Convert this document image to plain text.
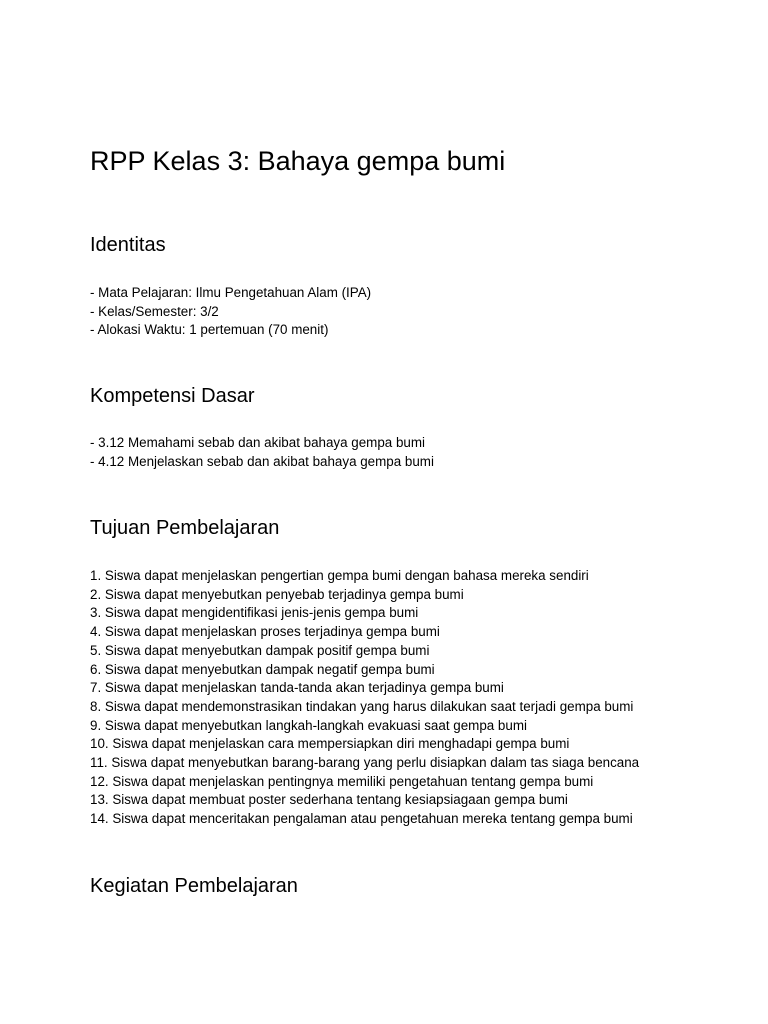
RPP Kelas 3: Bahaya gempa bumi
Identitas
- Mata Pelajaran: Ilmu Pengetahuan Alam (IPA)
- Kelas/Semester: 3/2
- Alokasi Waktu: 1 pertemuan (70 menit)
Kompetensi Dasar
- 3.12 Memahami sebab dan akibat bahaya gempa bumi
- 4.12 Menjelaskan sebab dan akibat bahaya gempa bumi
Tujuan Pembelajaran
1. Siswa dapat menjelaskan pengertian gempa bumi dengan bahasa mereka sendiri
2. Siswa dapat menyebutkan penyebab terjadinya gempa bumi
3. Siswa dapat mengidentifikasi jenis-jenis gempa bumi
4. Siswa dapat menjelaskan proses terjadinya gempa bumi
5. Siswa dapat menyebutkan dampak positif gempa bumi
6. Siswa dapat menyebutkan dampak negatif gempa bumi
7. Siswa dapat menjelaskan tanda-tanda akan terjadinya gempa bumi
8. Siswa dapat mendemonstrasikan tindakan yang harus dilakukan saat terjadi gempa bumi
9. Siswa dapat menyebutkan langkah-langkah evakuasi saat gempa bumi
10. Siswa dapat menjelaskan cara mempersiapkan diri menghadapi gempa bumi
11. Siswa dapat menyebutkan barang-barang yang perlu disiapkan dalam tas siaga bencana
12. Siswa dapat menjelaskan pentingnya memiliki pengetahuan tentang gempa bumi
13. Siswa dapat membuat poster sederhana tentang kesiapsiagaan gempa bumi
14. Siswa dapat menceritakan pengalaman atau pengetahuan mereka tentang gempa bumi
Kegiatan Pembelajaran
